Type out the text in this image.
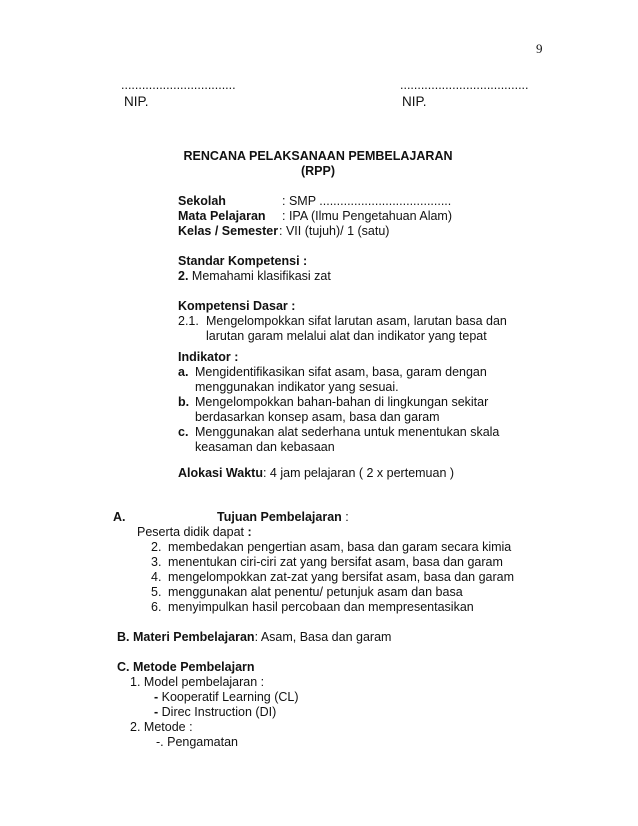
9
.................................
NIP.
.....................................
NIP.
RENCANA PELAKSANAAN PEMBELAJARAN
(RPP)
Sekolah	: SMP ......................................
Mata Pelajaran : IPA (Ilmu Pengetahuan Alam)
Kelas / Semester : VII (tujuh)/ 1 (satu)
Standar Kompetensi :
2. Memahami klasifikasi zat
Kompetensi Dasar :
2.1. Mengelompokkan sifat larutan asam, larutan basa dan
larutan garam melalui alat dan indikator yang tepat
Indikator :
a. Mengidentifikasikan sifat asam, basa, garam dengan
menggunakan indikator yang sesuai.
b. Mengelompokkan bahan-bahan di lingkungan sekitar
berdasarkan konsep asam, basa dan garam
c. Menggunakan alat sederhana untuk menentukan skala
keasaman dan kebasaan
Alokasi Waktu: 4 jam pelajaran ( 2 x pertemuan )
A.	Tujuan Pembelajaran :
Peserta didik dapat :
2. membedakan pengertian asam, basa dan garam secara kimia
3. menentukan ciri-ciri zat yang bersifat asam, basa dan garam
4. mengelompokkan zat-zat yang bersifat asam, basa dan garam
5. menggunakan alat penentu/ petunjuk asam dan basa
6. menyimpulkan hasil percobaan dan mempresentasikan
B. Materi Pembelajaran: Asam, Basa dan garam
C. Metode Pembelajarn
1. Model pembelajaran :
- Kooperatif Learning (CL)
- Direc Instruction (DI)
2. Metode :
-. Pengamatan
